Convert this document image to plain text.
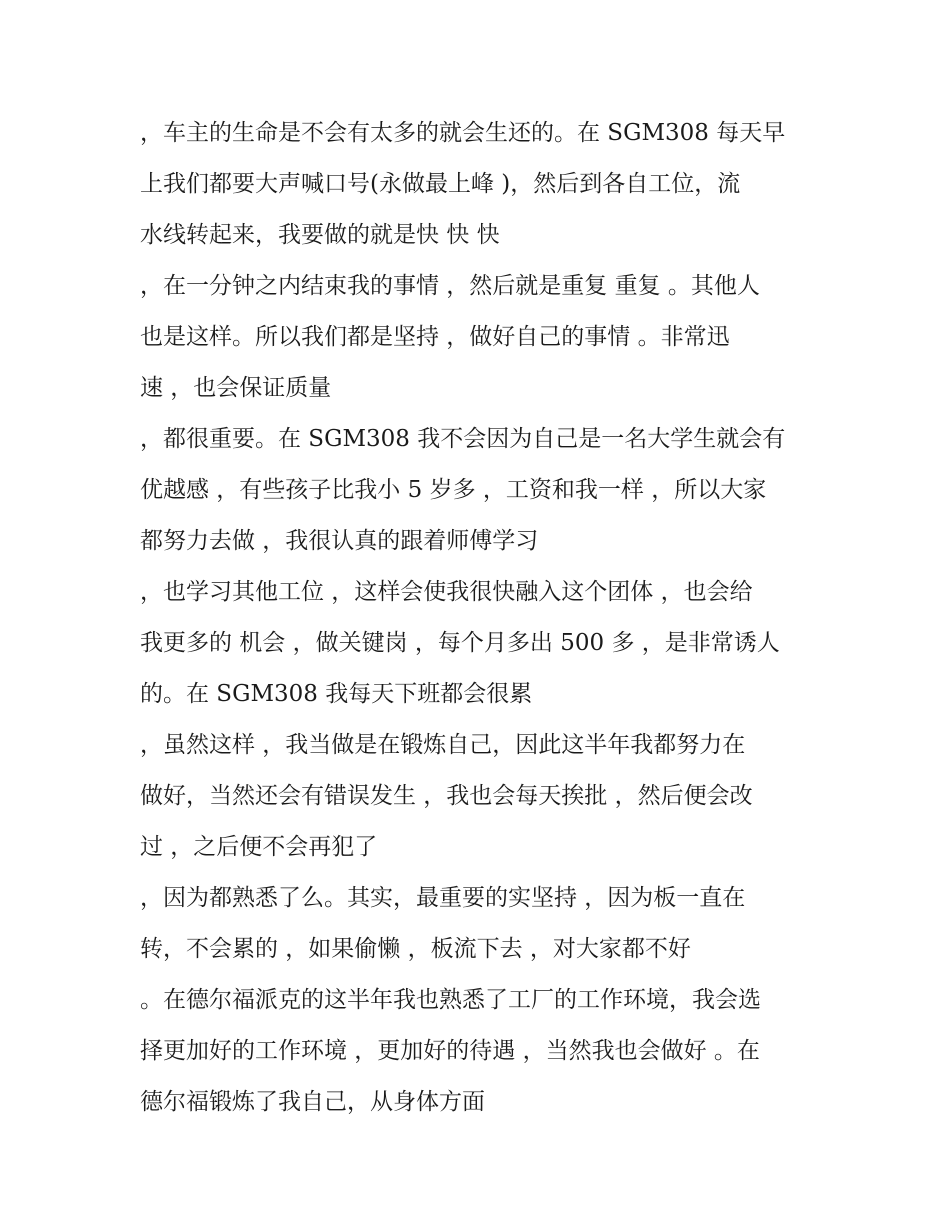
，车主的生命是不会有太多的就会生还的。在 SGM308 每天早
上我们都要大声喊口号(永做最上峰 )，然后到各自工位，流
水线转起来，我要做的就是快 快 快
，在一分钟之内结束我的事情 ，然后就是重复 重复 。其他人
也是这样。所以我们都是坚持 ，做好自己的事情 。非常迅
速 ，也会保证质量
，都很重要。在 SGM308 我不会因为自己是一名大学生就会有
优越感 ，有些孩子比我小 5 岁多 ，工资和我一样 ，所以大家
都努力去做 ，我很认真的跟着师傅学习
，也学习其他工位 ，这样会使我很快融入这个团体 ，也会给
我更多的 机会 ，做关键岗 ，每个月多出 500 多 ，是非常诱人
的。在 SGM308 我每天下班都会很累
，虽然这样 ，我当做是在锻炼自己，因此这半年我都努力在
做好，当然还会有错误发生 ，我也会每天挨批 ，然后便会改
过 ，之后便不会再犯了
，因为都熟悉了么。其实，最重要的实坚持 ，因为板一直在
转，不会累的 ，如果偷懒 ，板流下去 ，对大家都不好
。在德尔福派克的这半年我也熟悉了工厂的工作环境，我会选
择更加好的工作环境 ，更加好的待遇 ，当然我也会做好 。在
德尔福锻炼了我自己，从身体方面
